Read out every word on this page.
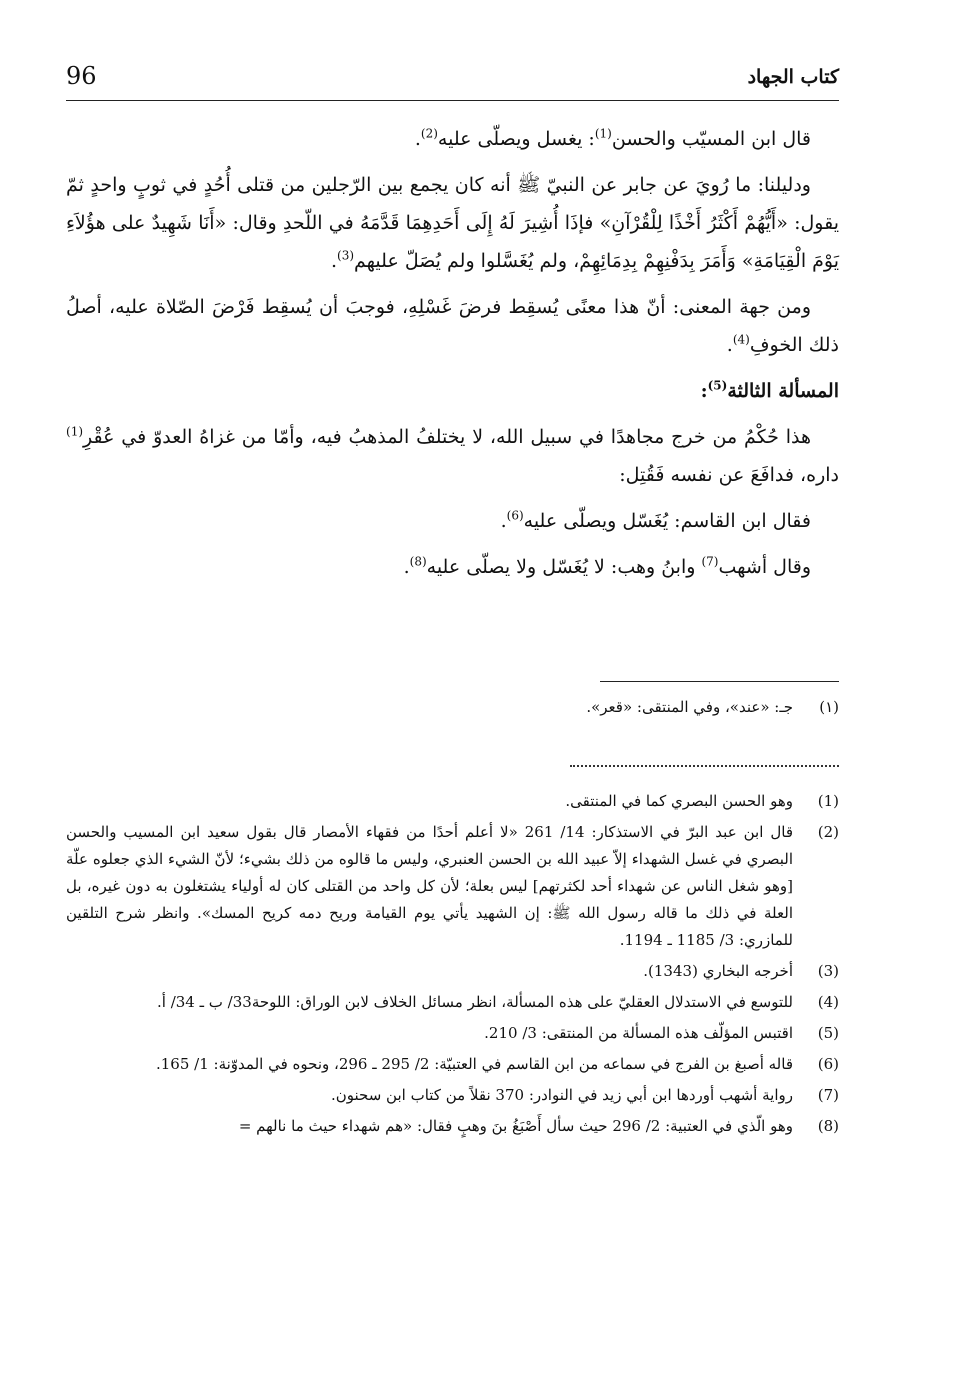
96	كتاب الجهاد

قال ابن المسيّب والحسن$^{(1)}$: يغسل ويصلّى عليه$^{(2)}$.

ودليلنا: ما رُويَ عن جابر عن النبيّ ﷺ أنه كان يجمع بين الرّجلين من قتلى أُحُدٍ في ثوبٍ واحدٍ ثمّ يقول: «أَيُّهُمْ أَكْثَرُ أَخْذًا لِلْقُرْآنِ» فإذَا أُشِيرَ لَهُ إِلَى أَحَدِهِمَا قَدَّمَهُ في اللّحدِ وقال: «أَنَا شَهِيدٌ على هؤُلاَءِ يَوْمَ الْقِيَامَةِ» وَأَمَرَ بِدَفْنِهِمْ بِدِمَائِهِمْ، ولم يُغَسَّلوا ولم يُصَلّ عليهم$^{(3)}$.

ومن جهة المعنى: أنّ هذا معنًى يُسقِط فرضَ غَسْلِهِ، فوجبَ أن يُسقِط فَرْضَ الصّلاة عليه، أصلُ ذلك الخوفِ$^{(4)}$.

المسألة الثالثة$^{(5)}$:

هذا حُكْمُ من خرج مجاهدًا في سبيل الله، لا يختلفُ المذهبُ فيه، وأمّا من غزاهُ العدوّ في عُقْرِ$^{(1)}$ داره، فدافَعَ عن نفسه فَقُتِل:

فقال ابن القاسم: يُغَسّل ويصلّى عليه$^{(6)}$.

وقال أشهب$^{(7)}$ وابنُ وهب: لا يُغَسّل ولا يصلّى عليه$^{(8)}$.

(١)
جـ: «عند»، وفي المنتقى: «قعر».
(1)
وهو الحسن البصري كما في المنتقى.
(2)
قال ابن عبد البرّ في الاستذكار: 14/ 261 «لا أعلم أحدًا من فقهاء الأمصار قال بقول سعيد ابن المسيب والحسن البصري في غسل الشهداء إلاّ عبيد الله بن الحسن العنبري، وليس ما قالوه من ذلك بشيء؛ لأنّ الشيء الذي جعلوه علّة [وهو شغل الناس عن شهداء أحد لكثرتهم] ليس بعلة؛ لأن كل واحد من القتلى كان له أولياء يشتغلون به دون غيره، بل العلة في ذلك ما قاله رسول الله ﷺ: إن الشهيد يأتي يوم القيامة وريح دمه كريح المسك». وانظر شرح التلقين للمازري: 3/ 1185 ـ 1194.
(3)
أخرجه البخاري (1343).
(4)
للتوسع في الاستدلال العقليّ على هذه المسألة، انظر مسائل الخلاف لابن الوراق: اللوحة33/ ب ـ 34/ أ.
(5)
اقتبس المؤلّف هذه المسألة من المنتقى: 3/ 210.
(6)
قاله أصبغ بن الفرج في سماعه من ابن القاسم في العتبيّة: 2/ 295 ـ 296، ونحوه في المدوّنة: 1/ 165.
(7)
رواية أشهب أوردها ابن أبي زيد في النوادر: 370 نقلاً من كتاب ابن سحنون.
(8)
وهو الّذي في العتبية: 2/ 296 حيث سأل أَصْبَغُ بنَ وهبٍ فقال: «هم شهداء حيث ما نالهم =
